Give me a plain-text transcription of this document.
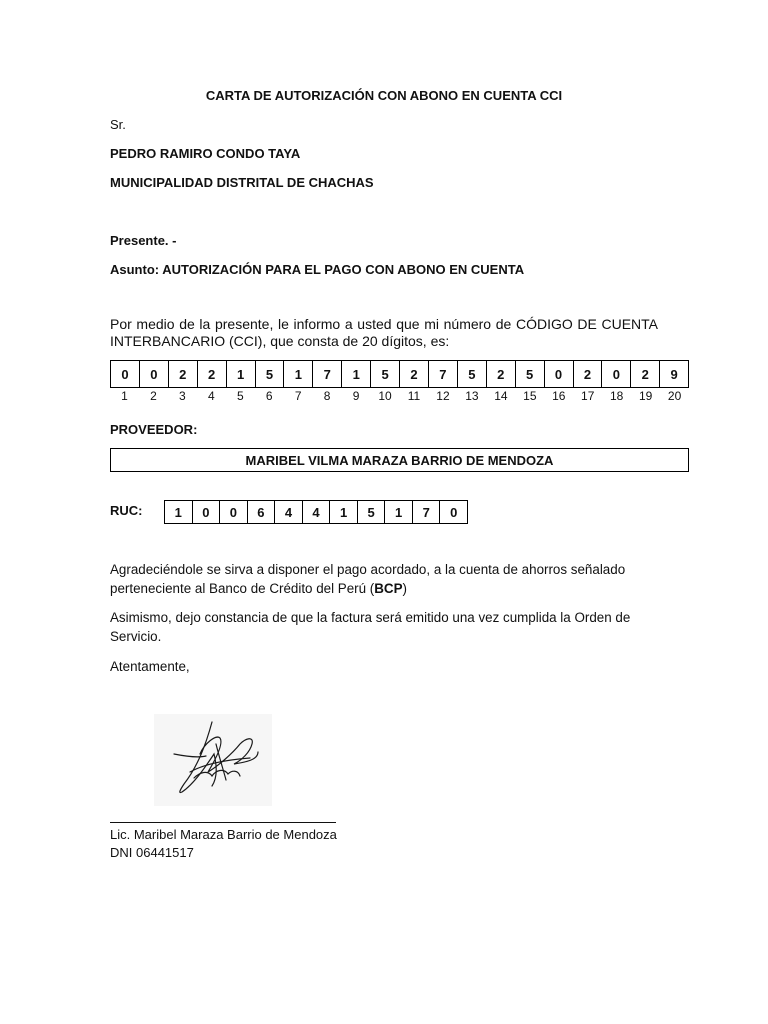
CARTA DE AUTORIZACIÓN CON ABONO EN CUENTA CCI
Sr.
PEDRO RAMIRO CONDO TAYA
MUNICIPALIDAD DISTRITAL DE CHACHAS
Presente. -
Asunto: AUTORIZACIÓN PARA EL PAGO CON ABONO EN CUENTA
Por medio de la presente, le informo a usted que mi número de CÓDIGO DE CUENTA INTERBANCARIO (CCI), que consta de 20 dígitos, es:
0	0	2	2	1	5	1	7	1	5	2	7	5	2	5	0	2	0	2	9
1	2	3	4	5	6	7	8	9	10	11	12	13	14	15	16	17	18	19	20
PROVEEDOR:
MARIBEL VILMA MARAZA BARRIO DE MENDOZA
RUC:	1	0	0	6	4	4	1	5	1	7	0
Agradeciéndole se sirva a disponer el pago acordado, a la cuenta de ahorros señalado perteneciente al Banco de Crédito del Perú (BCP)
Asimismo, dejo constancia de que la factura será emitido una vez cumplida la Orden de Servicio.
Atentamente,
Lic. Maribel Maraza Barrio de Mendoza
DNI 06441517
